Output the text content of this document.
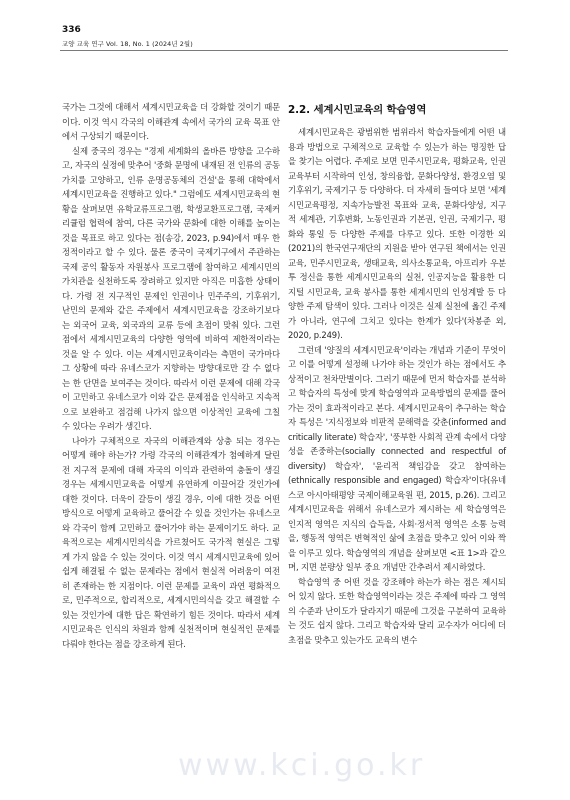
336
교양 교육 연구 Vol. 18, No. 1 (2024년 2월)

국가는 그것에 대해서 세계시민교육을 더 강화할 것이기 때문이다. 이것 역시 각국의 이해관계 속에서 국가의 교육 목표 안에서 구상되기 때문이다.

실제 중국의 경우는 "경제 세계화의 올바른 방향을 고수하고, 자국의 실정에 맞추어 '중화 문명에 내재된 전 인류의 공동 가치를 고양하고, 인류 운명공동체의 건설'을 통해 대학에서 세계시민교육을 진행하고 있다." 그럼에도 세계시민교육의 현황을 살펴보면 유학교류프로그램, 학생교환프로그램, 국제커리큘럼 협력에 참여, 다른 국가와 문화에 대한 이해를 높이는 것을 목표로 하고 있다는 점(송강, 2023, p.94)에서 매우 한정적이라고 할 수 있다. 물론 중국이 국제기구에서 주관하는 국제 공익 활동자 자원봉사 프로그램에 참여하고 세계시민의 가치관을 실천하도록 장려하고 있지만 아직은 미흡한 상태이다. 가령 전 지구적인 문제인 인권이나 민주주의, 기후위기, 난민의 문제와 같은 주제에서 세계시민교육을 강조하기보다는 외국어 교육, 외국과의 교류 등에 초점이 맞춰 있다. 그런 점에서 세계시민교육의 다양한 영역에 비하여 제한적이라는 것을 알 수 있다. 이는 세계시민교육이라는 측면이 국가마다 그 상황에 따라 유네스코가 지향하는 방향대로만 갈 수 없다는 한 단면을 보여주는 것이다. 따라서 이런 문제에 대해 각국이 고민하고 유네스코가 이와 같은 문제점을 인식하고 지속적으로 보완하고 점검해 나가지 않으면 이상적인 교육에 그칠 수 있다는 우려가 생긴다.

나아가 구체적으로 자국의 이해관계와 상충 되는 경우는 어떻게 해야 하는가? 가령 각국의 이해관계가 첨예하게 달린 전 지구적 문제에 대해 자국의 이익과 관련하여 충돌이 생길 경우는 세계시민교육을 어떻게 유연하게 이끌어갈 것인가에 대한 것이다. 더욱이 갈등이 생길 경우, 이에 대한 것을 어떤 방식으로 어떻게 교육하고 풀어갈 수 있을 것인가는 유네스코와 각국이 함께 고민하고 풀어가야 하는 문제이기도 하다. 교육적으로는 세계시민의식을 가르쳤어도 국가적 현실은 그렇게 가지 않을 수 있는 것이다. 이것 역시 세계시민교육에 있어 쉽게 해결될 수 없는 문제라는 점에서 현실적 어려움이 여전히 존재하는 한 지점이다. 이런 문제를 교육이 과연 평화적으로, 민주적으로, 합리적으로, 세계시민의식을 갖고 해결할 수 있는 것인가에 대한 답은 확연하기 힘든 것이다. 따라서 세계시민교육은 인식의 차원과 함께 실천적이며 현실적인 문제를 다뤄야 한다는 점을 강조하게 된다.

2.2. 세계시민교육의 학습영역

세계시민교육은 광범위한 범위라서 학습자들에게 어떤 내용과 방법으로 구체적으로 교육할 수 있는가 하는 명징한 답을 찾기는 어렵다. 주제로 보면 민주시민교육, 평화교육, 인권교육부터 시작하여 인성, 창의융합, 문화다양성, 환경오염 및 기후위기, 국제기구 등 다양하다. 더 자세히 들여다 보면 '세계시민교육평정, 지속가능발전 목표와 교육, 문화다양성, 지구적 세계관, 기후변화, 노동인권과 기본권, 인권, 국제기구, 평화와 통일 등 다양한 주제를 다루고 있다. 또한 이경한 외(2021)의 한국연구재단의 지원을 받아 연구된 책에서는 인권교육, 민주시민교육, 생태교육, 의사소통교육, 아프리카 우분투 정신을 통한 세계시민교육의 실천, 인공지능을 활용한 디지털 시민교육, 교육 봉사를 통한 세계시민의 인성계발 등 다양한 주제 탐색이 있다. 그러나 이것은 실제 실천에 옮긴 주제가 아니라, 연구에 그치고 있다는 한계가 있다'(차봉준 외, 2020, p.249).

그런데 '양질의 세계시민교육'이라는 개념과 기준이 무엇이고 이를 어떻게 설정해 나가야 하는 것인가 하는 점에서도 추상적이고 천차만별이다. 그러기 때문에 먼저 학습자를 분석하고 학습자의 특성에 맞게 학습영역과 교육방법의 문제를 풀어가는 것이 효과적이라고 본다. 세계시민교육이 추구하는 학습자 특성은 '지식정보와 비판적 문해력을 갖춘(informed and critically literate) 학습자', '풍부한 사회적 관계 속에서 다양성을 존중하는(socially connected and respectful of diversity) 학습자', '윤리적 책임감을 갖고 참여하는(ethnically responsible and engaged) 학습자'이다(유네스코 아시아태평양 국제이해교육원 편, 2015, p.26). 그리고 세계시민교육을 위해서 유네스코가 제시하는 세 학습영역은 인지적 영역은 지식의 습득을, 사회·정서적 영역은 소통 능력을, 행동적 영역은 변혁적인 삶에 초점을 맞추고 있어 이와 짝을 이루고 있다. 학습영역의 개념을 살펴보면 <표 1>과 같으며, 지면 분량상 일부 중요 개념만 간추려서 제시하였다.

학습영역 중 어떤 것을 강조해야 하는가 하는 점은 제시되어 있지 않다. 또한 학습영역이라는 것은 주제에 따라 그 영역의 수준과 난이도가 달라지기 때문에 그것을 구분하여 교육하는 것도 쉽지 않다. 그리고 학습자와 달리 교수자가 어디에 더 초점을 맞추고 있는가도 교육의 변수

www.kci.go.kr
